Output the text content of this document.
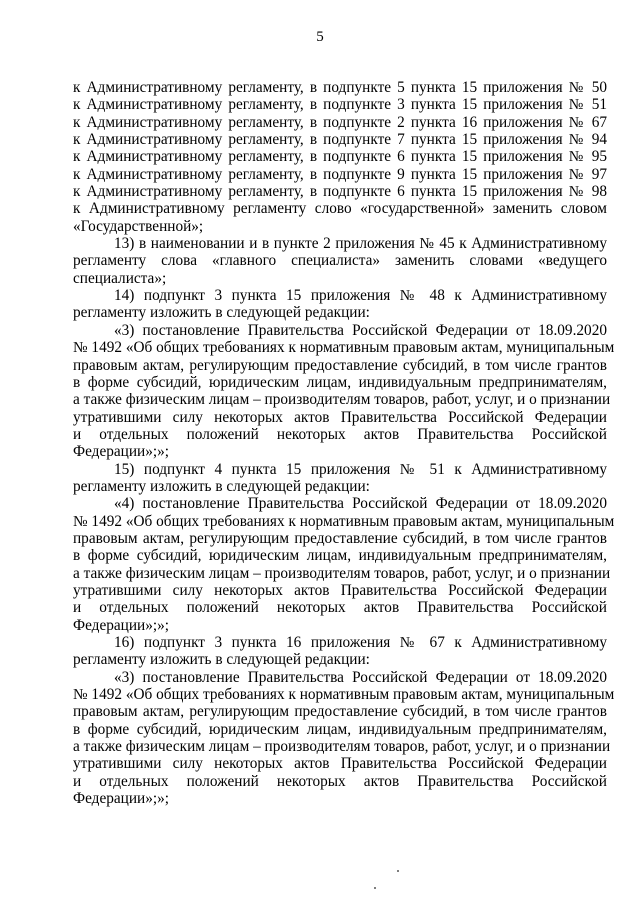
5
к Административному регламенту, в подпункте 5 пункта 15 приложения № 50
к Административному регламенту, в подпункте 3 пункта 15 приложения № 51
к Административному регламенту, в подпункте 2 пункта 16 приложения № 67
к Административному регламенту, в подпункте 7 пункта 15 приложения № 94
к Административному регламенту, в подпункте 6 пункта 15 приложения № 95
к Административному регламенту, в подпункте 9 пункта 15 приложения № 97
к Административному регламенту, в подпункте 6 пункта 15 приложения № 98
к Административному регламенту слово «государственной» заменить словом
«Государственной»;
13) в наименовании и в пункте 2 приложения № 45 к Административному
регламенту слова «главного специалиста» заменить словами «ведущего
специалиста»;
14) подпункт 3 пункта 15 приложения № 48 к Административному
регламенту изложить в следующей редакции:
«3) постановление Правительства Российской Федерации от 18.09.2020
№ 1492 «Об общих требованиях к нормативным правовым актам, муниципальным
правовым актам, регулирующим предоставление субсидий, в том числе грантов
в форме субсидий, юридическим лицам, индивидуальным предпринимателям,
а также физическим лицам – производителям товаров, работ, услуг, и о признании
утратившими силу некоторых актов Правительства Российской Федерации
и отдельных положений некоторых актов Правительства Российской
Федерации»;»;
15) подпункт 4 пункта 15 приложения № 51 к Административному
регламенту изложить в следующей редакции:
«4) постановление Правительства Российской Федерации от 18.09.2020
№ 1492 «Об общих требованиях к нормативным правовым актам, муниципальным
правовым актам, регулирующим предоставление субсидий, в том числе грантов
в форме субсидий, юридическим лицам, индивидуальным предпринимателям,
а также физическим лицам – производителям товаров, работ, услуг, и о признании
утратившими силу некоторых актов Правительства Российской Федерации
и отдельных положений некоторых актов Правительства Российской
Федерации»;»;
16) подпункт 3 пункта 16 приложения № 67 к Административному
регламенту изложить в следующей редакции:
«3) постановление Правительства Российской Федерации от 18.09.2020
№ 1492 «Об общих требованиях к нормативным правовым актам, муниципальным
правовым актам, регулирующим предоставление субсидий, в том числе грантов
в форме субсидий, юридическим лицам, индивидуальным предпринимателям,
а также физическим лицам – производителям товаров, работ, услуг, и о признании
утратившими силу некоторых актов Правительства Российской Федерации
и отдельных положений некоторых актов Правительства Российской
Федерации»;»;
